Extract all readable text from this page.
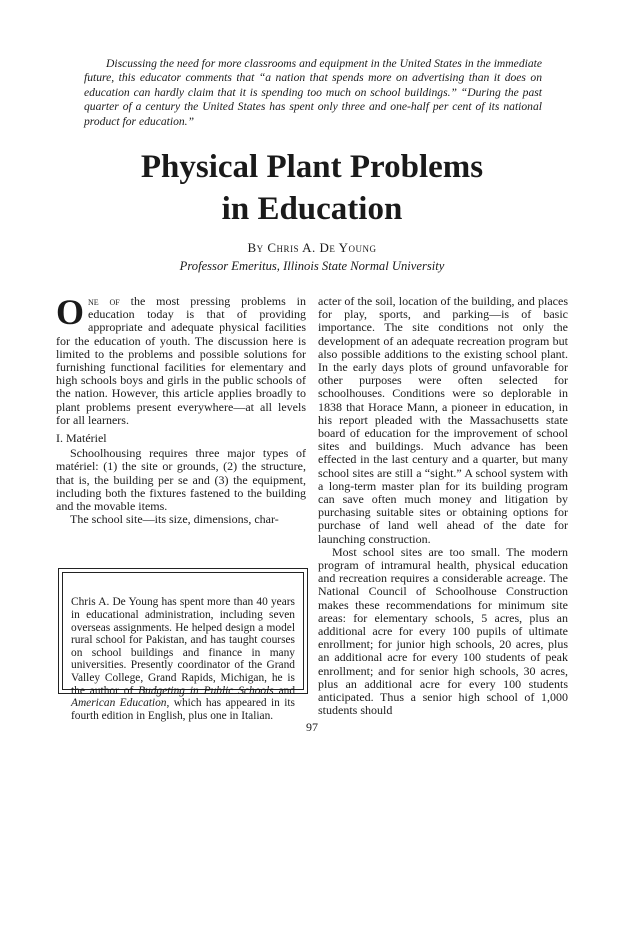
Discussing the need for more classrooms and equipment in the United States in the immediate future, this educator comments that “a nation that spends more on advertising than it does on education can hardly claim that it is spending too much on school buildings.” “During the past quarter of a century the United States has spent only three and one-half per cent of its national product for education.”

Physical Plant Problems
in Education
By Chris A. De Young
Professor Emeritus, Illinois State Normal University

One of the most pressing problems in education today is that of providing appropriate and adequate physical facilities for the education of youth. The discussion here is limited to the problems and possible solutions for furnishing functional facilities for elementary and high schools boys and girls in the public schools of the nation. However, this article applies broadly to plant problems present everywhere—at all levels for all learners.

I. Matériel

Schoolhousing requires three major types of matériel: (1) the site or grounds, (2) the structure, that is, the building per se and (3) the equipment, including both the fixtures fastened to the building and the movable items.

The school site—its size, dimensions, char-

Chris A. De Young has spent more than 40 years in educational administration, including seven overseas assignments. He helped design a model rural school for Pakistan, and has taught courses on school buildings and finance in many universities. Presently coordinator of the Grand Valley College, Grand Rapids, Michigan, he is the author of Budgeting in Public Schools and American Education, which has appeared in its fourth edition in English, plus one in Italian.

acter of the soil, location of the building, and places for play, sports, and parking—is of basic importance. The site conditions not only the development of an adequate recreation program but also possible additions to the existing school plant. In the early days plots of ground unfavorable for other purposes were often selected for schoolhouses. Conditions were so deplorable in 1838 that Horace Mann, a pioneer in education, in his report pleaded with the Massachusetts state board of education for the improvement of school sites and buildings. Much advance has been effected in the last century and a quarter, but many school sites are still a “sight.” A school system with a long-term master plan for its building program can save often much money and litigation by purchasing suitable sites or obtaining options for purchase of land well ahead of the date for launching construction.

Most school sites are too small. The modern program of intramural health, physical education and recreation requires a considerable acreage. The National Council of Schoolhouse Construction makes these recommendations for minimum site areas: for elementary schools, 5 acres, plus an additional acre for every 100 pupils of ultimate enrollment; for junior high schools, 20 acres, plus an additional acre for every 100 students of peak enrollment; and for senior high schools, 30 acres, plus an additional acre for every 100 students anticipated. Thus a senior high school of 1,000 students should

97
